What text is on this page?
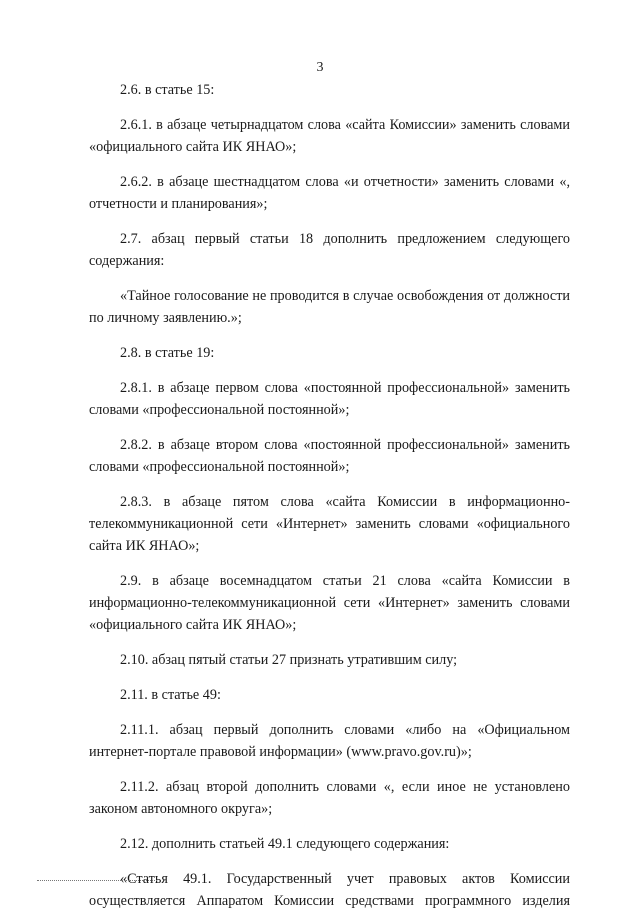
3

2.6. в статье 15:

2.6.1. в абзаце четырнадцатом слова «сайта Комиссии» заменить словами «официального сайта ИК ЯНАО»;

2.6.2. в абзаце шестнадцатом слова «и отчетности» заменить словами «, отчетности и планирования»;

2.7. абзац первый статьи 18 дополнить предложением следующего содержания:

«Тайное голосование не проводится в случае освобождения от должности по личному заявлению.»;

2.8. в статье 19:

2.8.1. в абзаце первом слова «постоянной профессиональной» заменить словами «профессиональной постоянной»;

2.8.2. в абзаце втором слова «постоянной профессиональной» заменить словами «профессиональной постоянной»;

2.8.3. в абзаце пятом слова «сайта Комиссии в информационно-телекоммуникационной сети «Интернет» заменить словами «официального сайта ИК ЯНАО»;

2.9. в абзаце восемнадцатом статьи 21 слова «сайта Комиссии в информационно-телекоммуникационной сети «Интернет» заменить словами «официального сайта ИК ЯНАО»;

2.10. абзац пятый статьи 27 признать утратившим силу;

2.11. в статье 49:

2.11.1. абзац первый дополнить словами «либо на «Официальном интернет-портале правовой информации» (www.pravo.gov.ru)»;

2.11.2. абзац второй дополнить словами «, если иное не установлено законом автономного округа»;

2.12. дополнить статьей 49.1 следующего содержания:

«Статья 49.1. Государственный учет правовых актов Комиссии осуществляется Аппаратом Комиссии средствами программного изделия
